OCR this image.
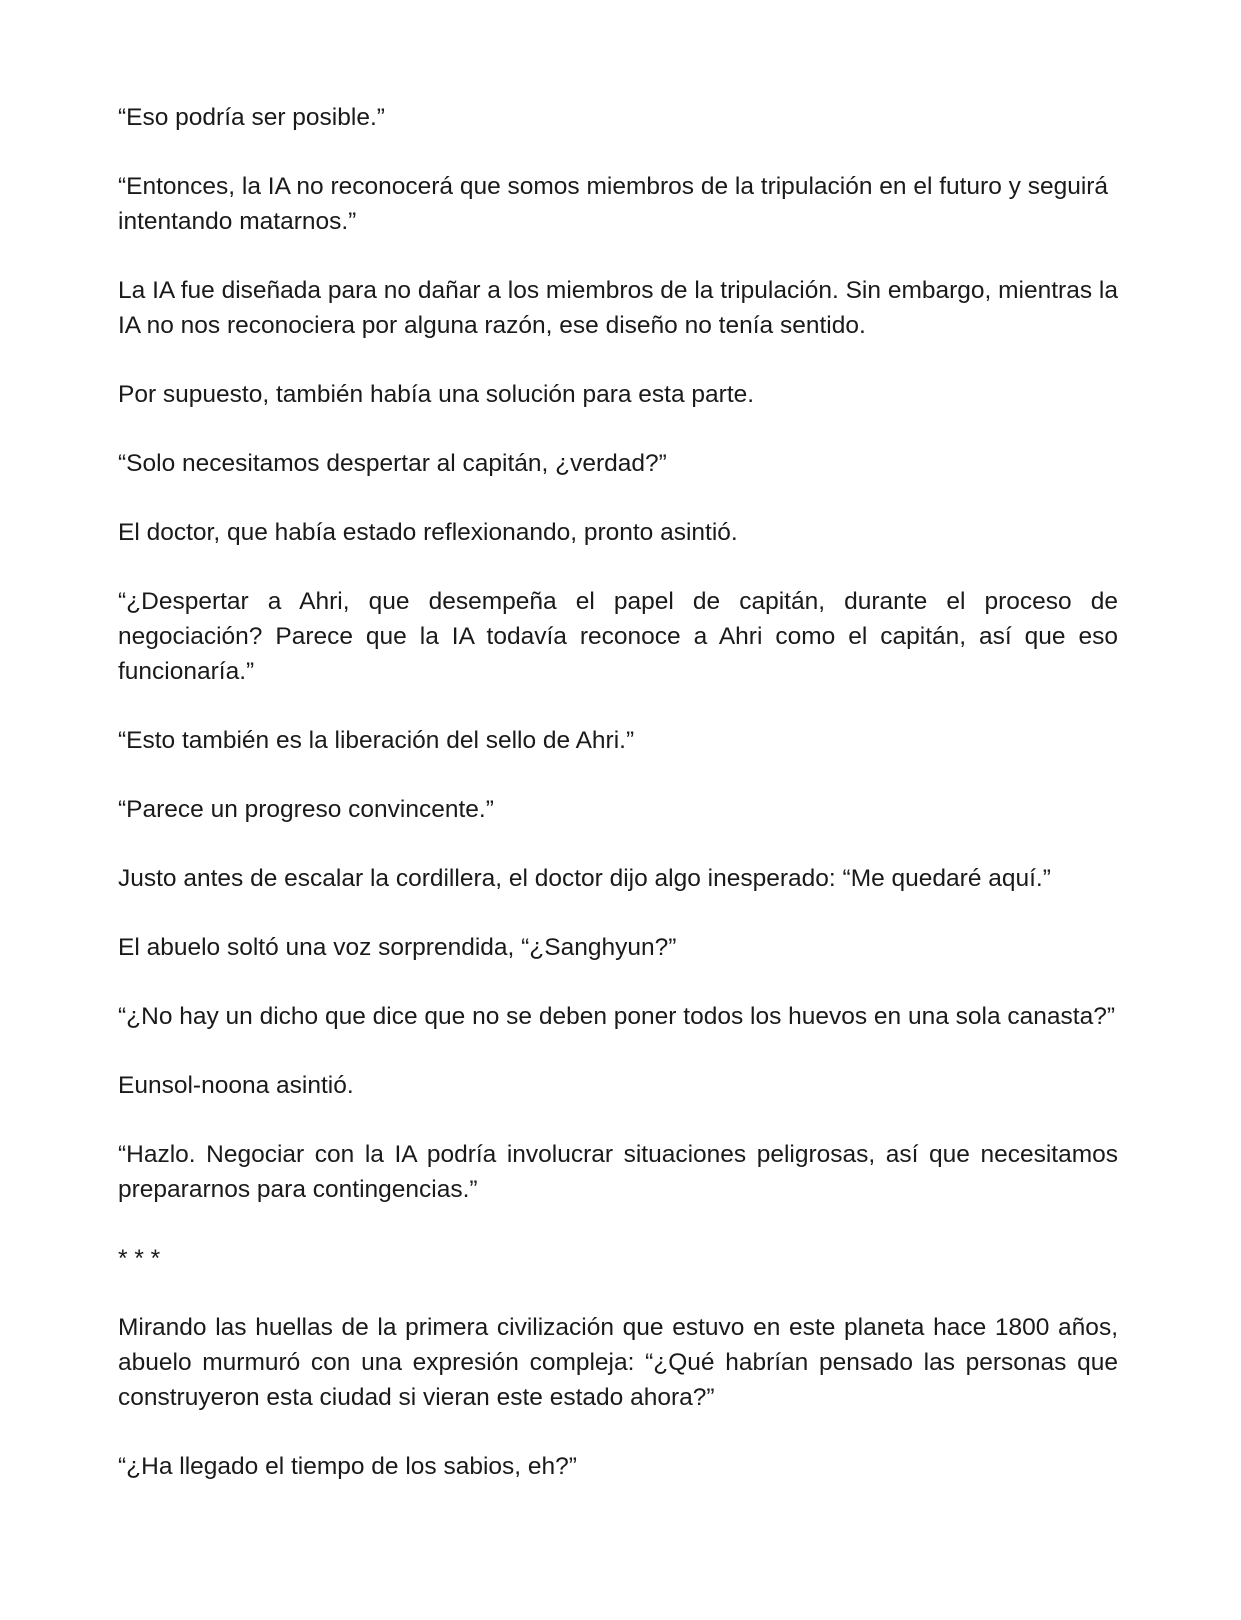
“Eso podría ser posible.”

“Entonces, la IA no reconocerá que somos miembros de la tripulación en el futuro y seguirá intentando matarnos.”

La IA fue diseñada para no dañar a los miembros de la tripulación. Sin embargo, mientras la IA no nos reconociera por alguna razón, ese diseño no tenía sentido.

Por supuesto, también había una solución para esta parte.

“Solo necesitamos despertar al capitán, ¿verdad?”

El doctor, que había estado reflexionando, pronto asintió.

“¿Despertar a Ahri, que desempeña el papel de capitán, durante el proceso de negociación? Parece que la IA todavía reconoce a Ahri como el capitán, así que eso funcionaría.”

“Esto también es la liberación del sello de Ahri.”

“Parece un progreso convincente.”

Justo antes de escalar la cordillera, el doctor dijo algo inesperado: “Me quedaré aquí.”

El abuelo soltó una voz sorprendida, “¿Sanghyun?”

“¿No hay un dicho que dice que no se deben poner todos los huevos en una sola canasta?”

Eunsol-noona asintió.

“Hazlo. Negociar con la IA podría involucrar situaciones peligrosas, así que necesitamos prepararnos para contingencias.”

* * *

Mirando las huellas de la primera civilización que estuvo en este planeta hace 1800 años, abuelo murmuró con una expresión compleja: “¿Qué habrían pensado las personas que construyeron esta ciudad si vieran este estado ahora?”

“¿Ha llegado el tiempo de los sabios, eh?”
